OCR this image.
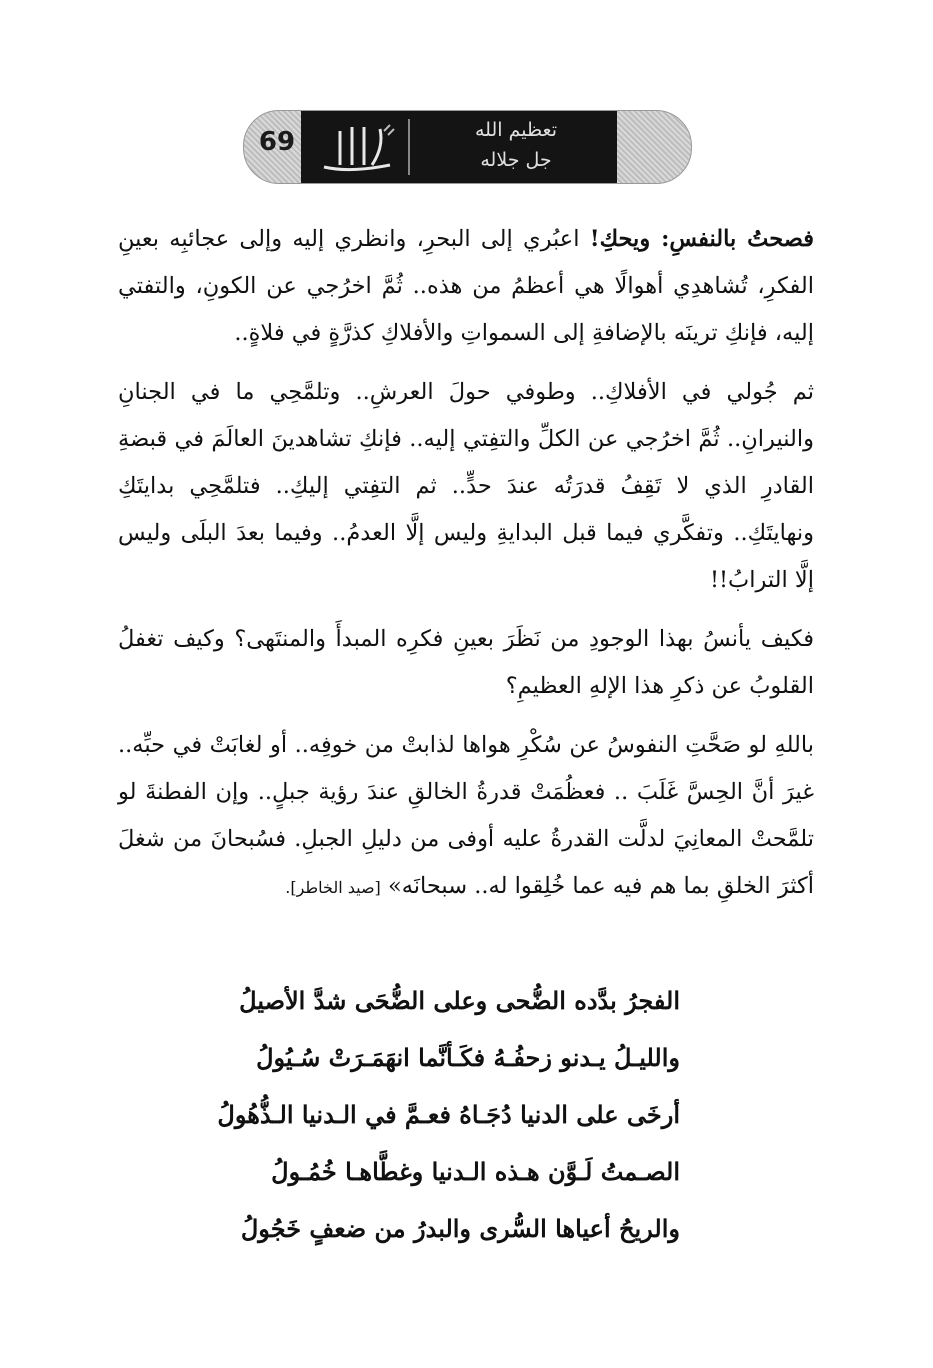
69	تعظيم الله
جل جلاله

فصحتُ بالنفسِ: ويحكِ! اعبُري إلى البحرِ، وانظري إليه وإلى عجائبِه بعينِ الفكرِ، تُشاهدِي أهوالًا هي أعظمُ من هذه.. ثُمَّ اخرُجي عن الكونِ، والتفتي إليه، فإنكِ ترينَه بالإضافةِ إلى السمواتِ والأفلاكِ كذرَّةٍ في فلاةٍ..

ثم جُولي في الأفلاكِ.. وطوفي حولَ العرشِ.. وتلمَّحِي ما في الجنانِ والنيرانِ.. ثُمَّ اخرُجي عن الكلِّ والتفِتي إليه.. فإنكِ تشاهدينَ العالَمَ في قبضةِ القادرِ الذي لا تَقِفُ قدرَتُه عندَ حدٍّ.. ثم التفِتي إليكِ.. فتلمَّحِي بدايتَكِ ونهايتَكِ.. وتفكَّري فيما قبل البدايةِ وليس إلَّا العدمُ.. وفيما بعدَ البلَى وليس إلَّا الترابُ!!

فكيف يأنسُ بهذا الوجودِ من نَظَرَ بعينِ فكرِه المبدأَ والمنتَهى؟ وكيف تغفلُ القلوبُ عن ذكرِ هذا الإلهِ العظيمِ؟

باللهِ لو صَحَّتِ النفوسُ عن سُكْرِ هواها لذابتْ من خوفِه.. أو لغابَتْ في حبِّه.. غيرَ أنَّ الحِسَّ غَلَبَ .. فعظُمَتْ قدرةُ الخالقِ عندَ رؤية جبلٍ.. وإن الفطنةَ لو تلمَّحتْ المعانِيَ لدلَّت القدرةُ عليه أوفى من دليلِ الجبلِ. فسُبحانَ من شغلَ أكثرَ الخلقِ بما هم فيه عما خُلِقوا له.. سبحانَه» [صيد الخاطر].

الفجرُ بدَّده الضُّحى وعلى الضُّحَى شدَّ الأصيلُ
والليـلُ يـدنو زحفُـهُ فكَـأنَّما انهَمَـرَتْ سُـيُولُ
أرخَى على الدنيا دُجَـاهُ فعـمَّ في الـدنيا الـذُّهُولُ
الصـمتُ لَـوَّن هـذه الـدنيا وغطَّاهـا خُمُـولُ
والريحُ أعياها السُّرى والبدرُ من ضعفٍ خَجُولُ
